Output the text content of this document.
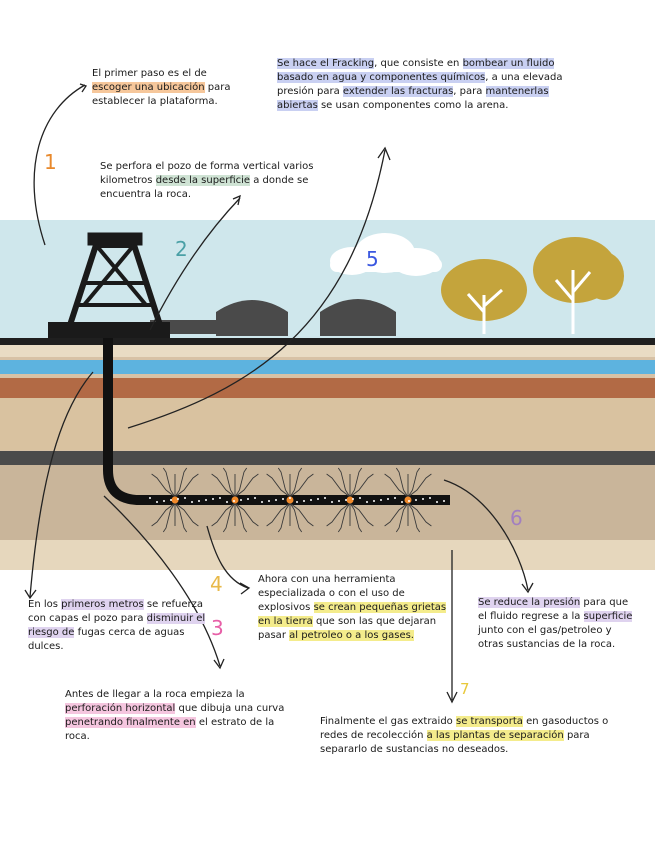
1
2	5
6
3
4
7
El primer paso es el de escoger una ubicación para establecer la plataforma.
Se perfora el pozo de forma vertical varios kilometros desde la superficie a donde se encuentra la roca.
Se hace el Fracking, que consiste en bombear un fluido basado en agua y componentes químicos, a una elevada presión para extender las fracturas, para mantenerlas abiertas se usan componentes como la arena.
En los primeros metros se refuerza con capas el pozo para disminuir el riesgo de fugas cerca de aguas dulces.
Antes de llegar a la roca empieza la perforación horizontal que dibuja una curva penetrando finalmente en el estrato de la roca.
Ahora con una herramienta especializada o con el uso de explosivos se crean pequeñas grietas en la tierra que son las que dejaran pasar al petroleo o a los gases.
Se reduce la presión para que el fluido regrese a la superficie junto con el gas/petroleo y otras sustancias de la roca.
Finalmente el gas extraido se transporta en gasoductos o redes de recolección a las plantas de separación para separarlo de sustancias no deseados.
